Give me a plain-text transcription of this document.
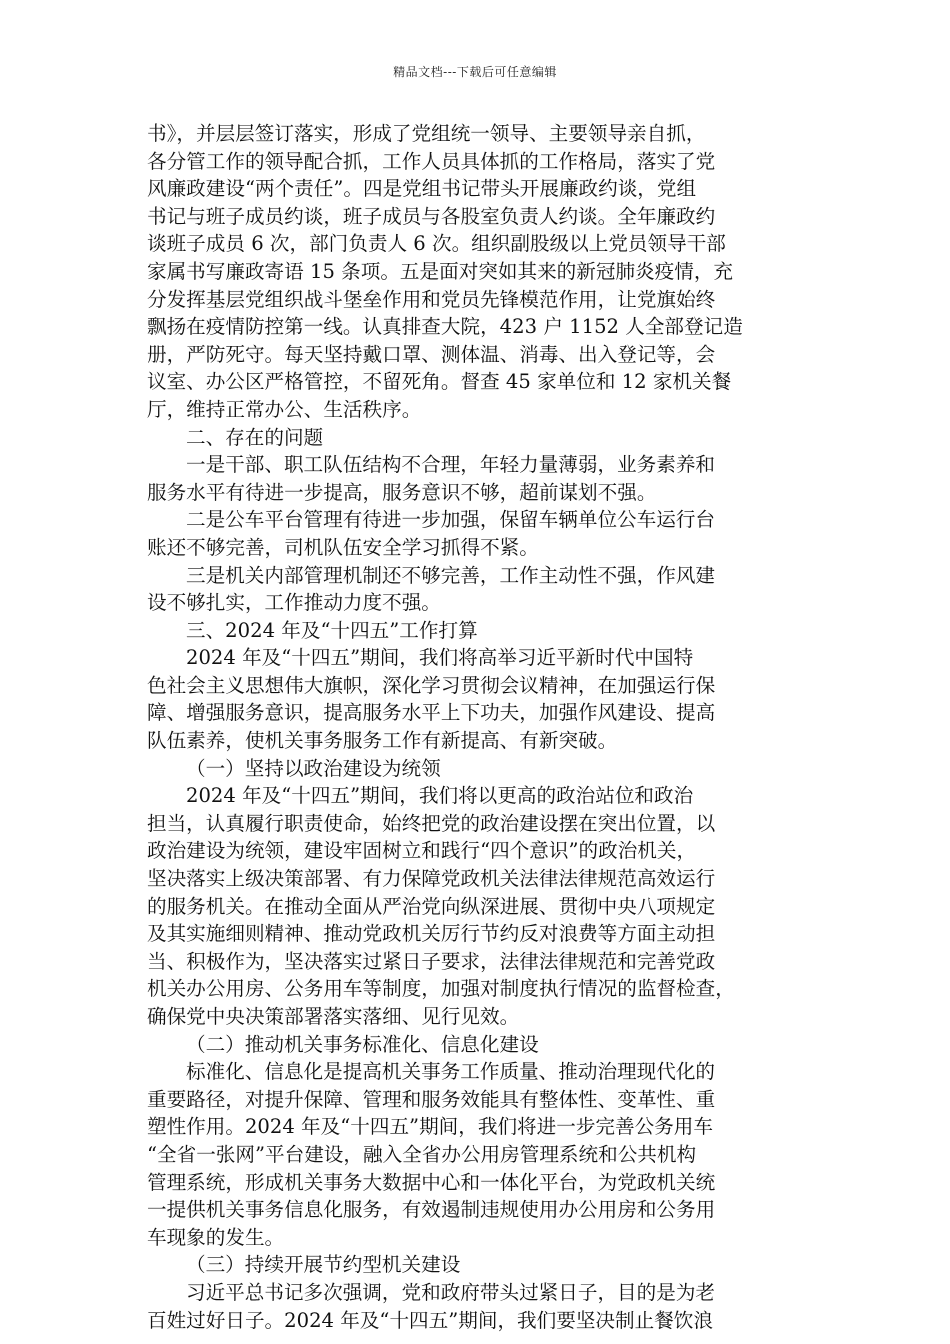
精品文档---下载后可任意编辑
书》，并层层签订落实，形成了党组统一领导、主要领导亲自抓，
各分管工作的领导配合抓，工作人员具体抓的工作格局，落实了党
风廉政建设“两个责任”。四是党组书记带头开展廉政约谈，党组
书记与班子成员约谈，班子成员与各股室负责人约谈。全年廉政约
谈班子成员 6 次，部门负责人 6 次。组织副股级以上党员领导干部
家属书写廉政寄语 15 条项。五是面对突如其来的新冠肺炎疫情，充
分发挥基层党组织战斗堡垒作用和党员先锋模范作用，让党旗始终
飘扬在疫情防控第一线。认真排查大院，423 户 1152 人全部登记造
册，严防死守。每天坚持戴口罩、测体温、消毒、出入登记等，会
议室、办公区严格管控，不留死角。督查 45 家单位和 12 家机关餐
厅，维持正常办公、生活秩序。
二、存在的问题
一是干部、职工队伍结构不合理，年轻力量薄弱，业务素养和
服务水平有待进一步提高，服务意识不够，超前谋划不强。
二是公车平台管理有待进一步加强，保留车辆单位公车运行台
账还不够完善，司机队伍安全学习抓得不紧。
三是机关内部管理机制还不够完善，工作主动性不强，作风建
设不够扎实，工作推动力度不强。
三、2024 年及“十四五”工作打算
2024 年及“十四五”期间，我们将高举习近平新时代中国特
色社会主义思想伟大旗帜，深化学习贯彻会议精神，在加强运行保
障、增强服务意识，提高服务水平上下功夫，加强作风建设、提高
队伍素养，使机关事务服务工作有新提高、有新突破。
（一）坚持以政治建设为统领
2024 年及“十四五”期间，我们将以更高的政治站位和政治
担当，认真履行职责使命，始终把党的政治建设摆在突出位置，以
政治建设为统领，建设牢固树立和践行“四个意识”的政治机关，
坚决落实上级决策部署、有力保障党政机关法律法律规范高效运行
的服务机关。在推动全面从严治党向纵深进展、贯彻中央八项规定
及其实施细则精神、推动党政机关厉行节约反对浪费等方面主动担
当、积极作为，坚决落实过紧日子要求，法律法律规范和完善党政
机关办公用房、公务用车等制度，加强对制度执行情况的监督检查，
确保党中央决策部署落实落细、见行见效。
（二）推动机关事务标准化、信息化建设
标准化、信息化是提高机关事务工作质量、推动治理现代化的
重要路径，对提升保障、管理和服务效能具有整体性、变革性、重
塑性作用。2024 年及“十四五”期间，我们将进一步完善公务用车
“全省一张网”平台建设，融入全省办公用房管理系统和公共机构
管理系统，形成机关事务大数据中心和一体化平台，为党政机关统
一提供机关事务信息化服务，有效遏制违规使用办公用房和公务用
车现象的发生。
（三）持续开展节约型机关建设
习近平总书记多次强调，党和政府带头过紧日子，目的是为老
百姓过好日子。2024 年及“十四五”期间，我们要坚决制止餐饮浪
